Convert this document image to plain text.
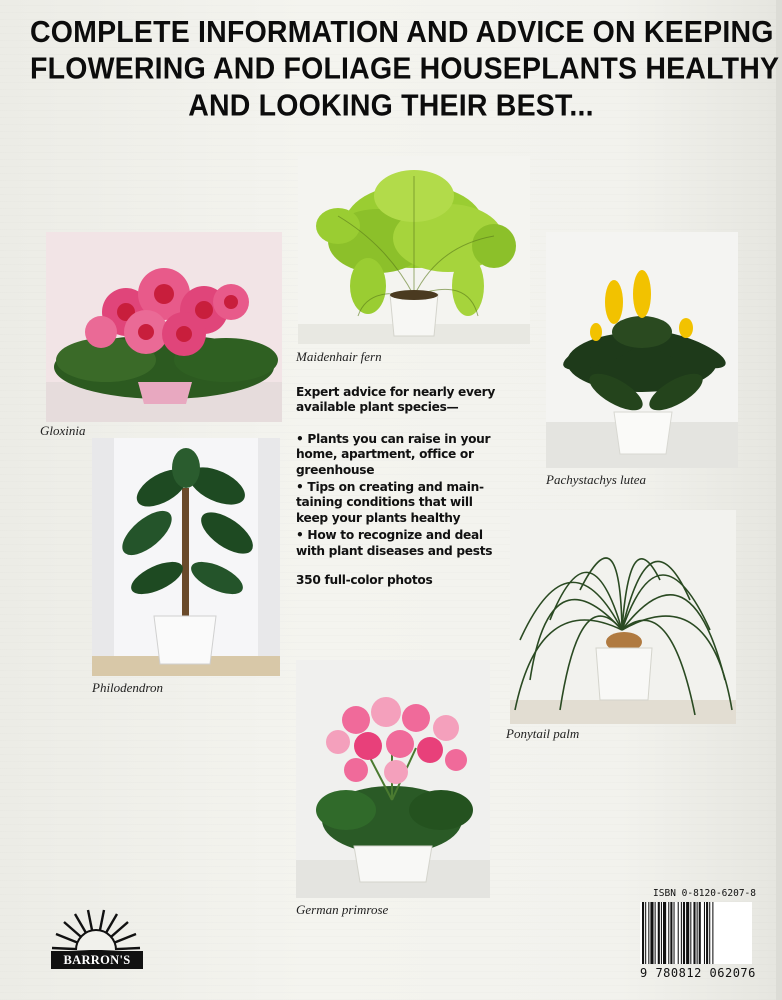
COMPLETE INFORMATION AND ADVICE ON KEEPING
FLOWERING AND FOLIAGE HOUSEPLANTS HEALTHY
AND LOOKING THEIR BEST...
Maidenhair fern
Gloxinia
Pachystachys lutea
Philodendron
Ponytail palm
German primrose

Expert advice for nearly every available plant species—

• Plants you can raise in your home, apartment, office or greenhouse

• Tips on creating and main- taining conditions that will keep your plants healthy

• How to recognize and deal with plant diseases and pests

350 full-color photos

BARRON'S
ISBN 0-8120-6207-8
9 780812 062076
